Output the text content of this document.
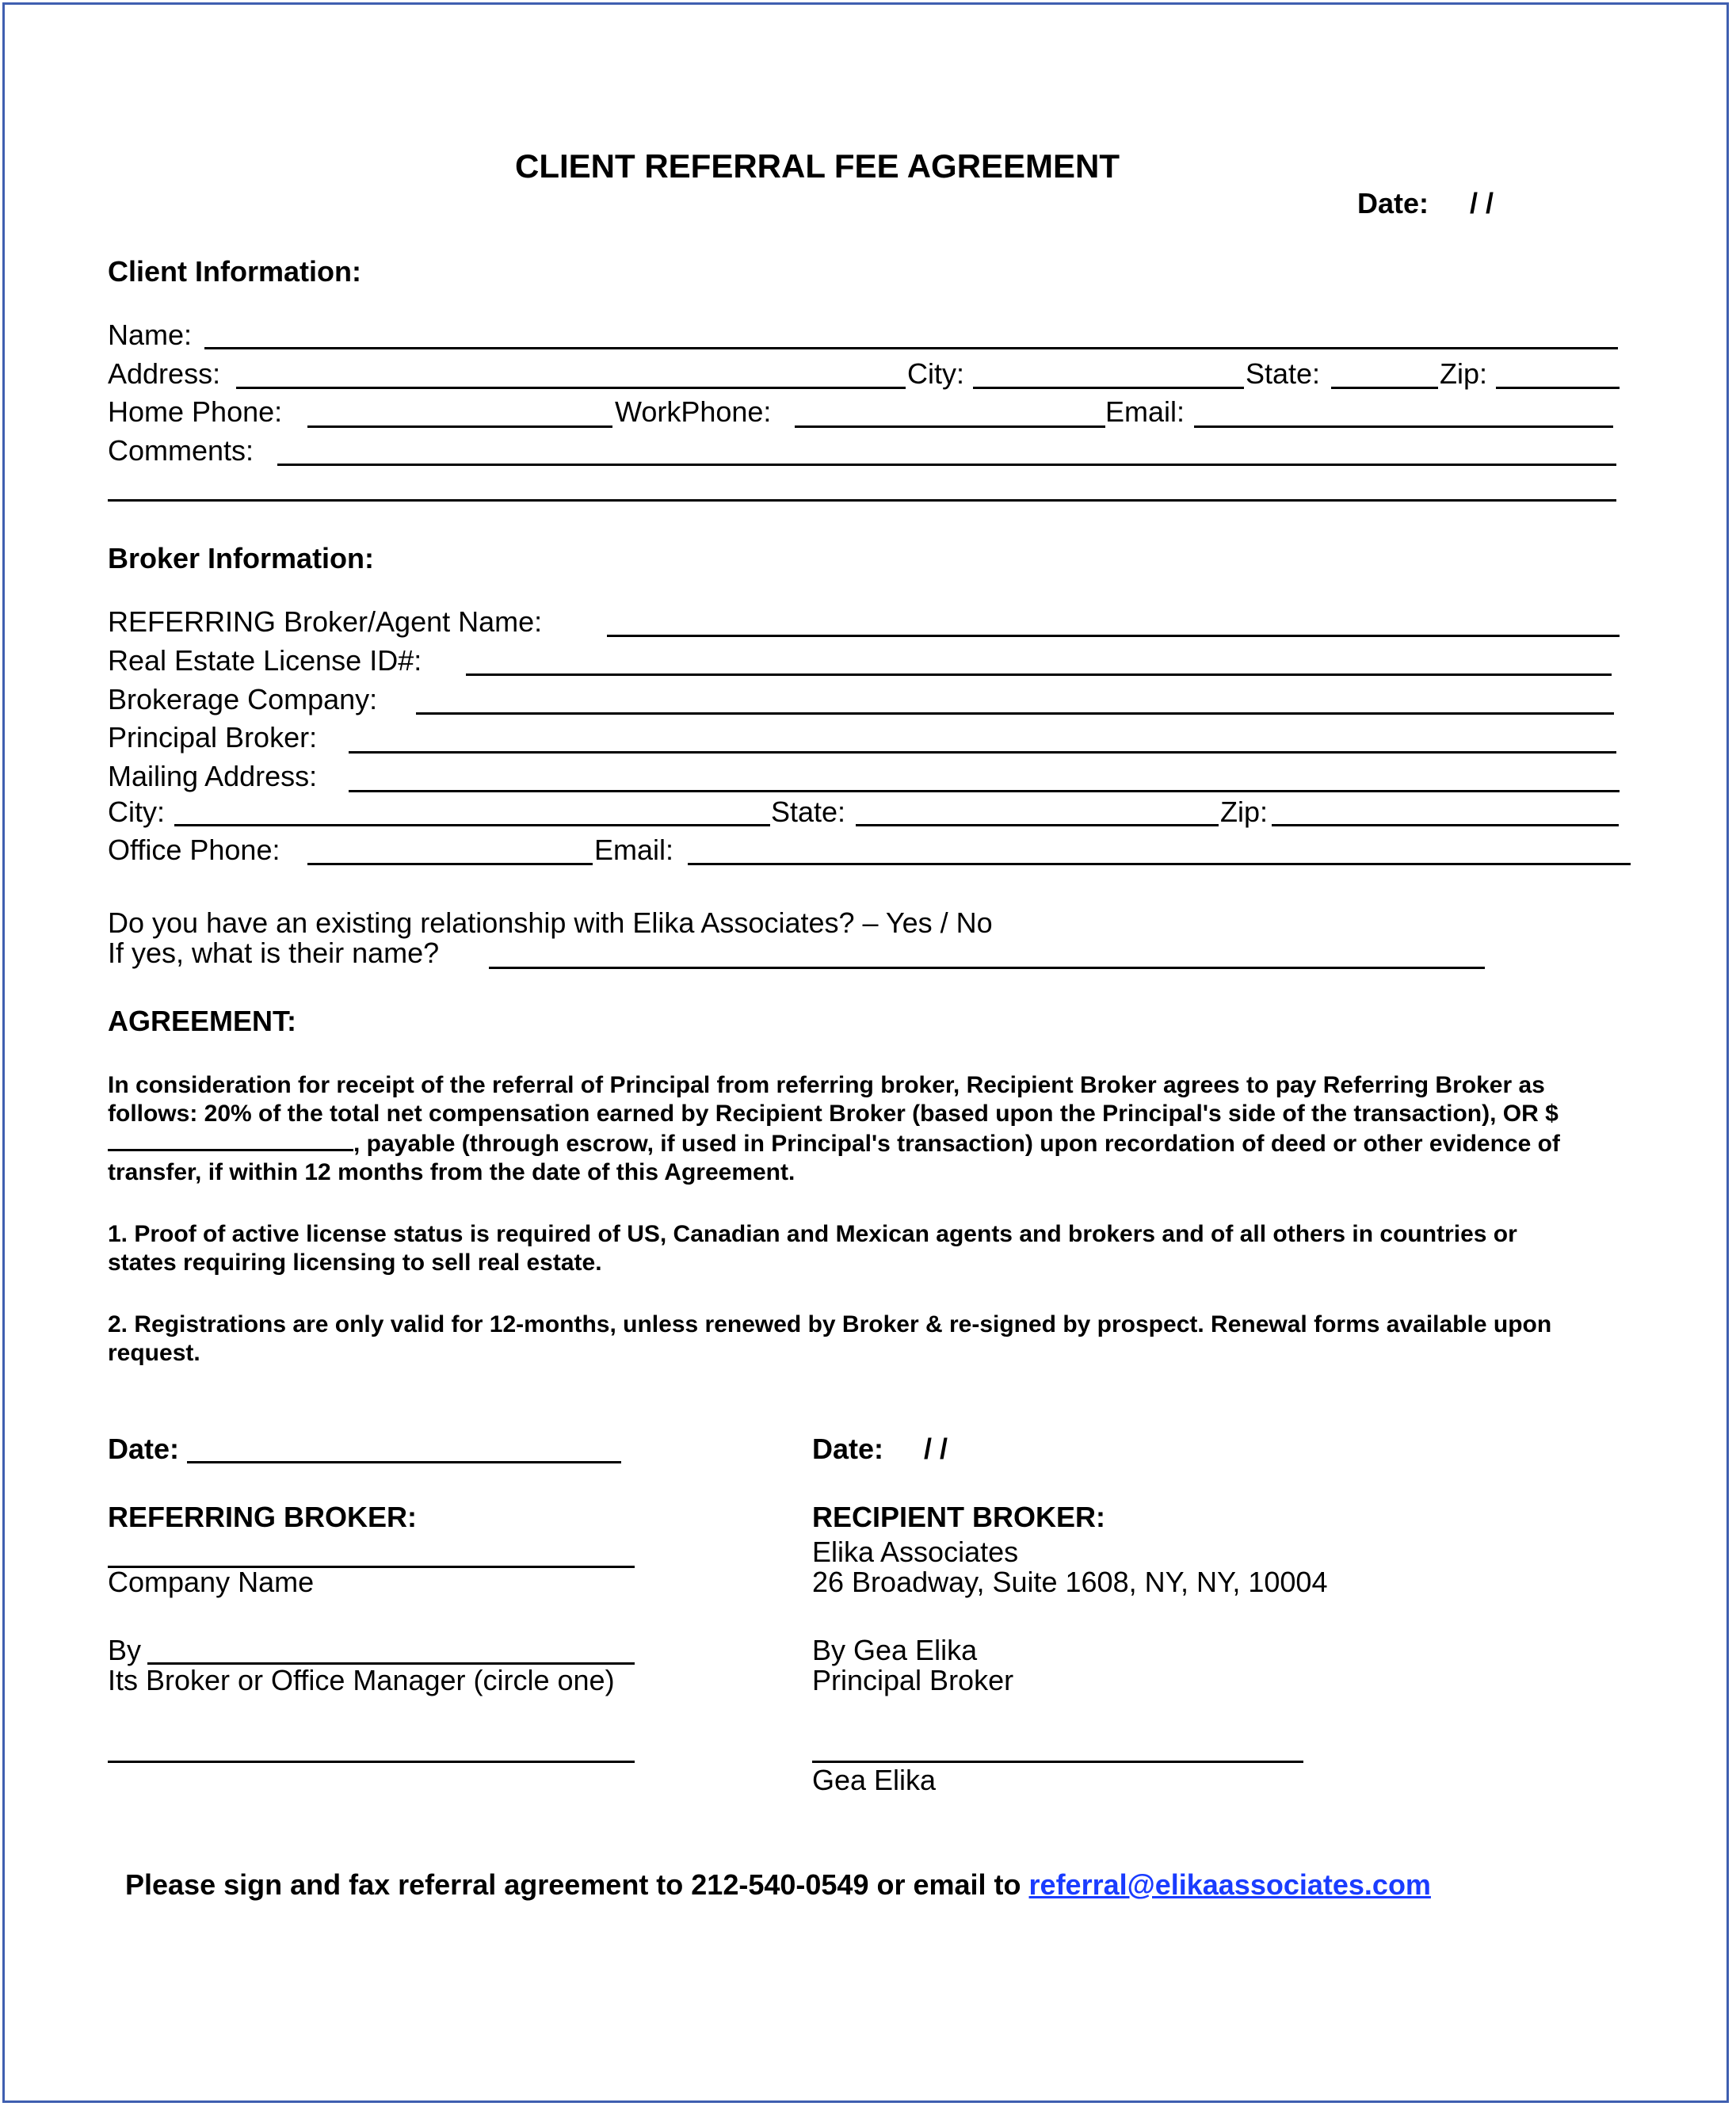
CLIENT REFERRAL FEE AGREEMENT
Date: / /
Client Information:
Name:
Address:	City:	State:	Zip:
Home Phone:	WorkPhone:	Email:
Comments:
Broker Information:
REFERRING Broker/Agent Name:
Real Estate License ID#:
Brokerage Company:
Principal Broker:
Mailing Address:
City:	State:	Zip:
Office Phone:	Email:
Do you have an existing relationship with Elika Associates? – Yes / No
If yes, what is their name?
AGREEMENT:
In consideration for receipt of the referral of Principal from referring broker, Recipient Broker agrees to pay Referring Broker as follows: 20% of the total net compensation earned by Recipient Broker (based upon the Principal's side of the transaction), OR $, payable (through escrow, if used in Principal's transaction) upon recordation of deed or other evidence of transfer, if within 12 months from the date of this Agreement.
1. Proof of active license status is required of US, Canadian and Mexican agents and brokers and of all others in countries or states requiring licensing to sell real estate.
2. Registrations are only valid for 12-months, unless renewed by Broker & re-signed by prospect. Renewal forms available upon request.
Date:	Date: / /
REFERRING BROKER:
Company Name
By
Its Broker or Office Manager (circle one)
RECIPIENT BROKER:
Elika Associates
26 Broadway, Suite 1608, NY, NY, 10004
By Gea Elika
Principal Broker
Gea Elika
Please sign and fax referral agreement to 212-540-0549 or email to referral@elikaassociates.com
